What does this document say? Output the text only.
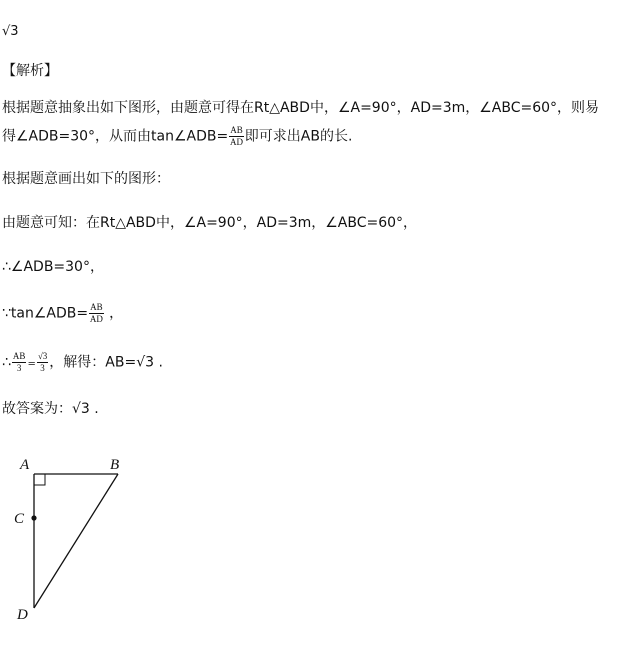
√3
【解析】
根据题意抽象出如下图形，由题意可得在Rt△ABD中，∠A=90°，AD=3m，∠ABC=60°，则易
得∠ADB=30°，从而由tan∠ADB= $\frac{AB}{AD}$ 即可求出AB的长.
根据题意画出如下的图形：
由题意可知：在Rt△ABD中，∠A=90°，AD=3m，∠ABC=60°，
∴∠ADB=30°，
∵tan∠ADB= $\frac{AB}{AD}$ ，
∴ $\frac{AB}{3} = \frac{√3}{3}$ ，解得：AB=√3 .
故答案为：√3 .
A	B
C
D
